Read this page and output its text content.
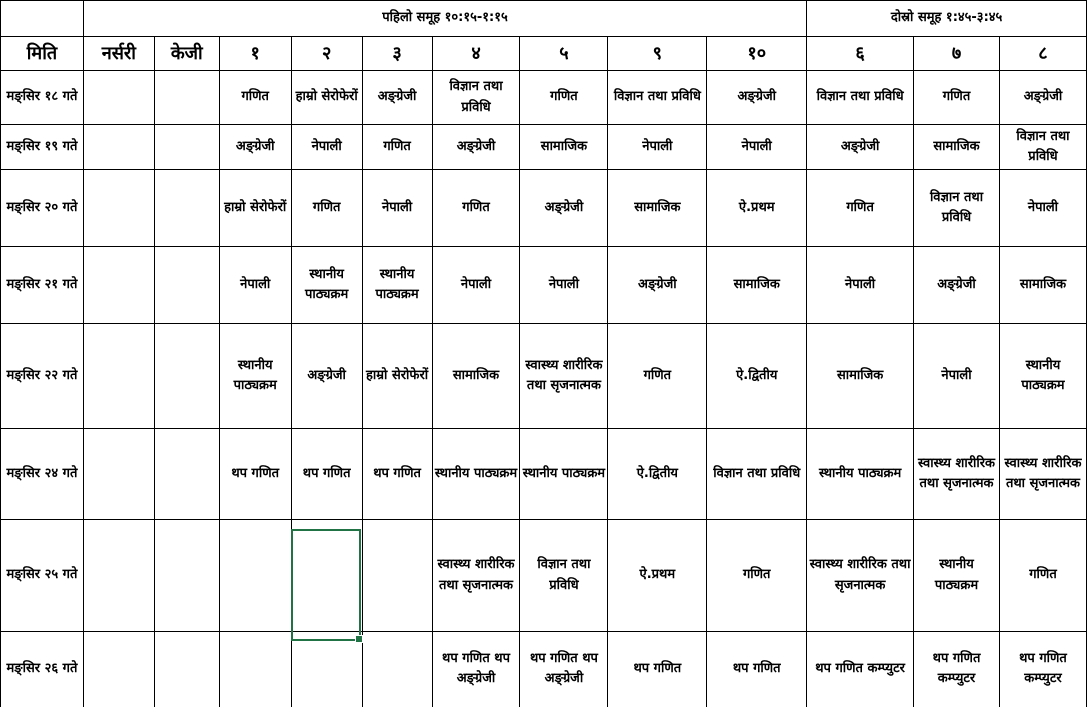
	पहिलो समूह १०:१५-१:१५									दोस्रो समूह १:४५-३:४५		
मिति	नर्सरी	केजी	१	२	३	४	५	९	१०	६	७	८
मङ्सिर १८ गते			गणित	हाम्रो सेरोफेरों	अङ्ग्रेजी	विज्ञान तथा प्रविधि	गणित	विज्ञान तथा प्रविधि	अङ्ग्रेजी	विज्ञान तथा प्रविधि	गणित	अङ्ग्रेजी
मङ्सिर १९ गते			अङ्ग्रेजी	नेपाली	गणित	अङ्ग्रेजी	सामाजिक	नेपाली	नेपाली	अङ्ग्रेजी	सामाजिक	विज्ञान तथा प्रविधि
मङ्सिर २० गते			हाम्रो सेरोफेरों	गणित	नेपाली	गणित	अङ्ग्रेजी	सामाजिक	ऐ.प्रथम	गणित	विज्ञान तथा प्रविधि	नेपाली
मङ्सिर २१ गते			नेपाली	स्थानीय पाठ्यक्रम	स्थानीय पाठ्यक्रम	नेपाली	नेपाली	अङ्ग्रेजी	सामाजिक	नेपाली	अङ्ग्रेजी	सामाजिक
मङ्सिर २२ गते			स्थानीय पाठ्यक्रम	अङ्ग्रेजी	हाम्रो सेरोफेरों	सामाजिक	स्वास्थ्य शारीरिक तथा सृजनात्मक	गणित	ऐ.द्वितीय	सामाजिक	नेपाली	स्थानीय पाठ्यक्रम
मङ्सिर २४ गते			थप गणित	थप गणित	थप गणित	स्थानीय पाठ्यक्रम	स्थानीय पाठ्यक्रम	ऐ.द्वितीय	विज्ञान तथा प्रविधि	स्थानीय पाठ्यक्रम	स्वास्थ्य शारीरिक तथा सृजनात्मक	स्वास्थ्य शारीरिक तथा सृजनात्मक
मङ्सिर २५ गते						स्वास्थ्य शारीरिक तथा सृजनात्मक	विज्ञान तथा प्रविधि	ऐ.प्रथम	गणित	स्वास्थ्य शारीरिक तथा सृजनात्मक	स्थानीय पाठ्यक्रम	गणित
मङ्सिर २६ गते						थप गणित थप अङ्ग्रेजी	थप गणित थप अङ्ग्रेजी	थप गणित	थप गणित	थप गणित कम्प्युटर	थप गणित कम्प्युटर	थप गणित कम्प्युटर
